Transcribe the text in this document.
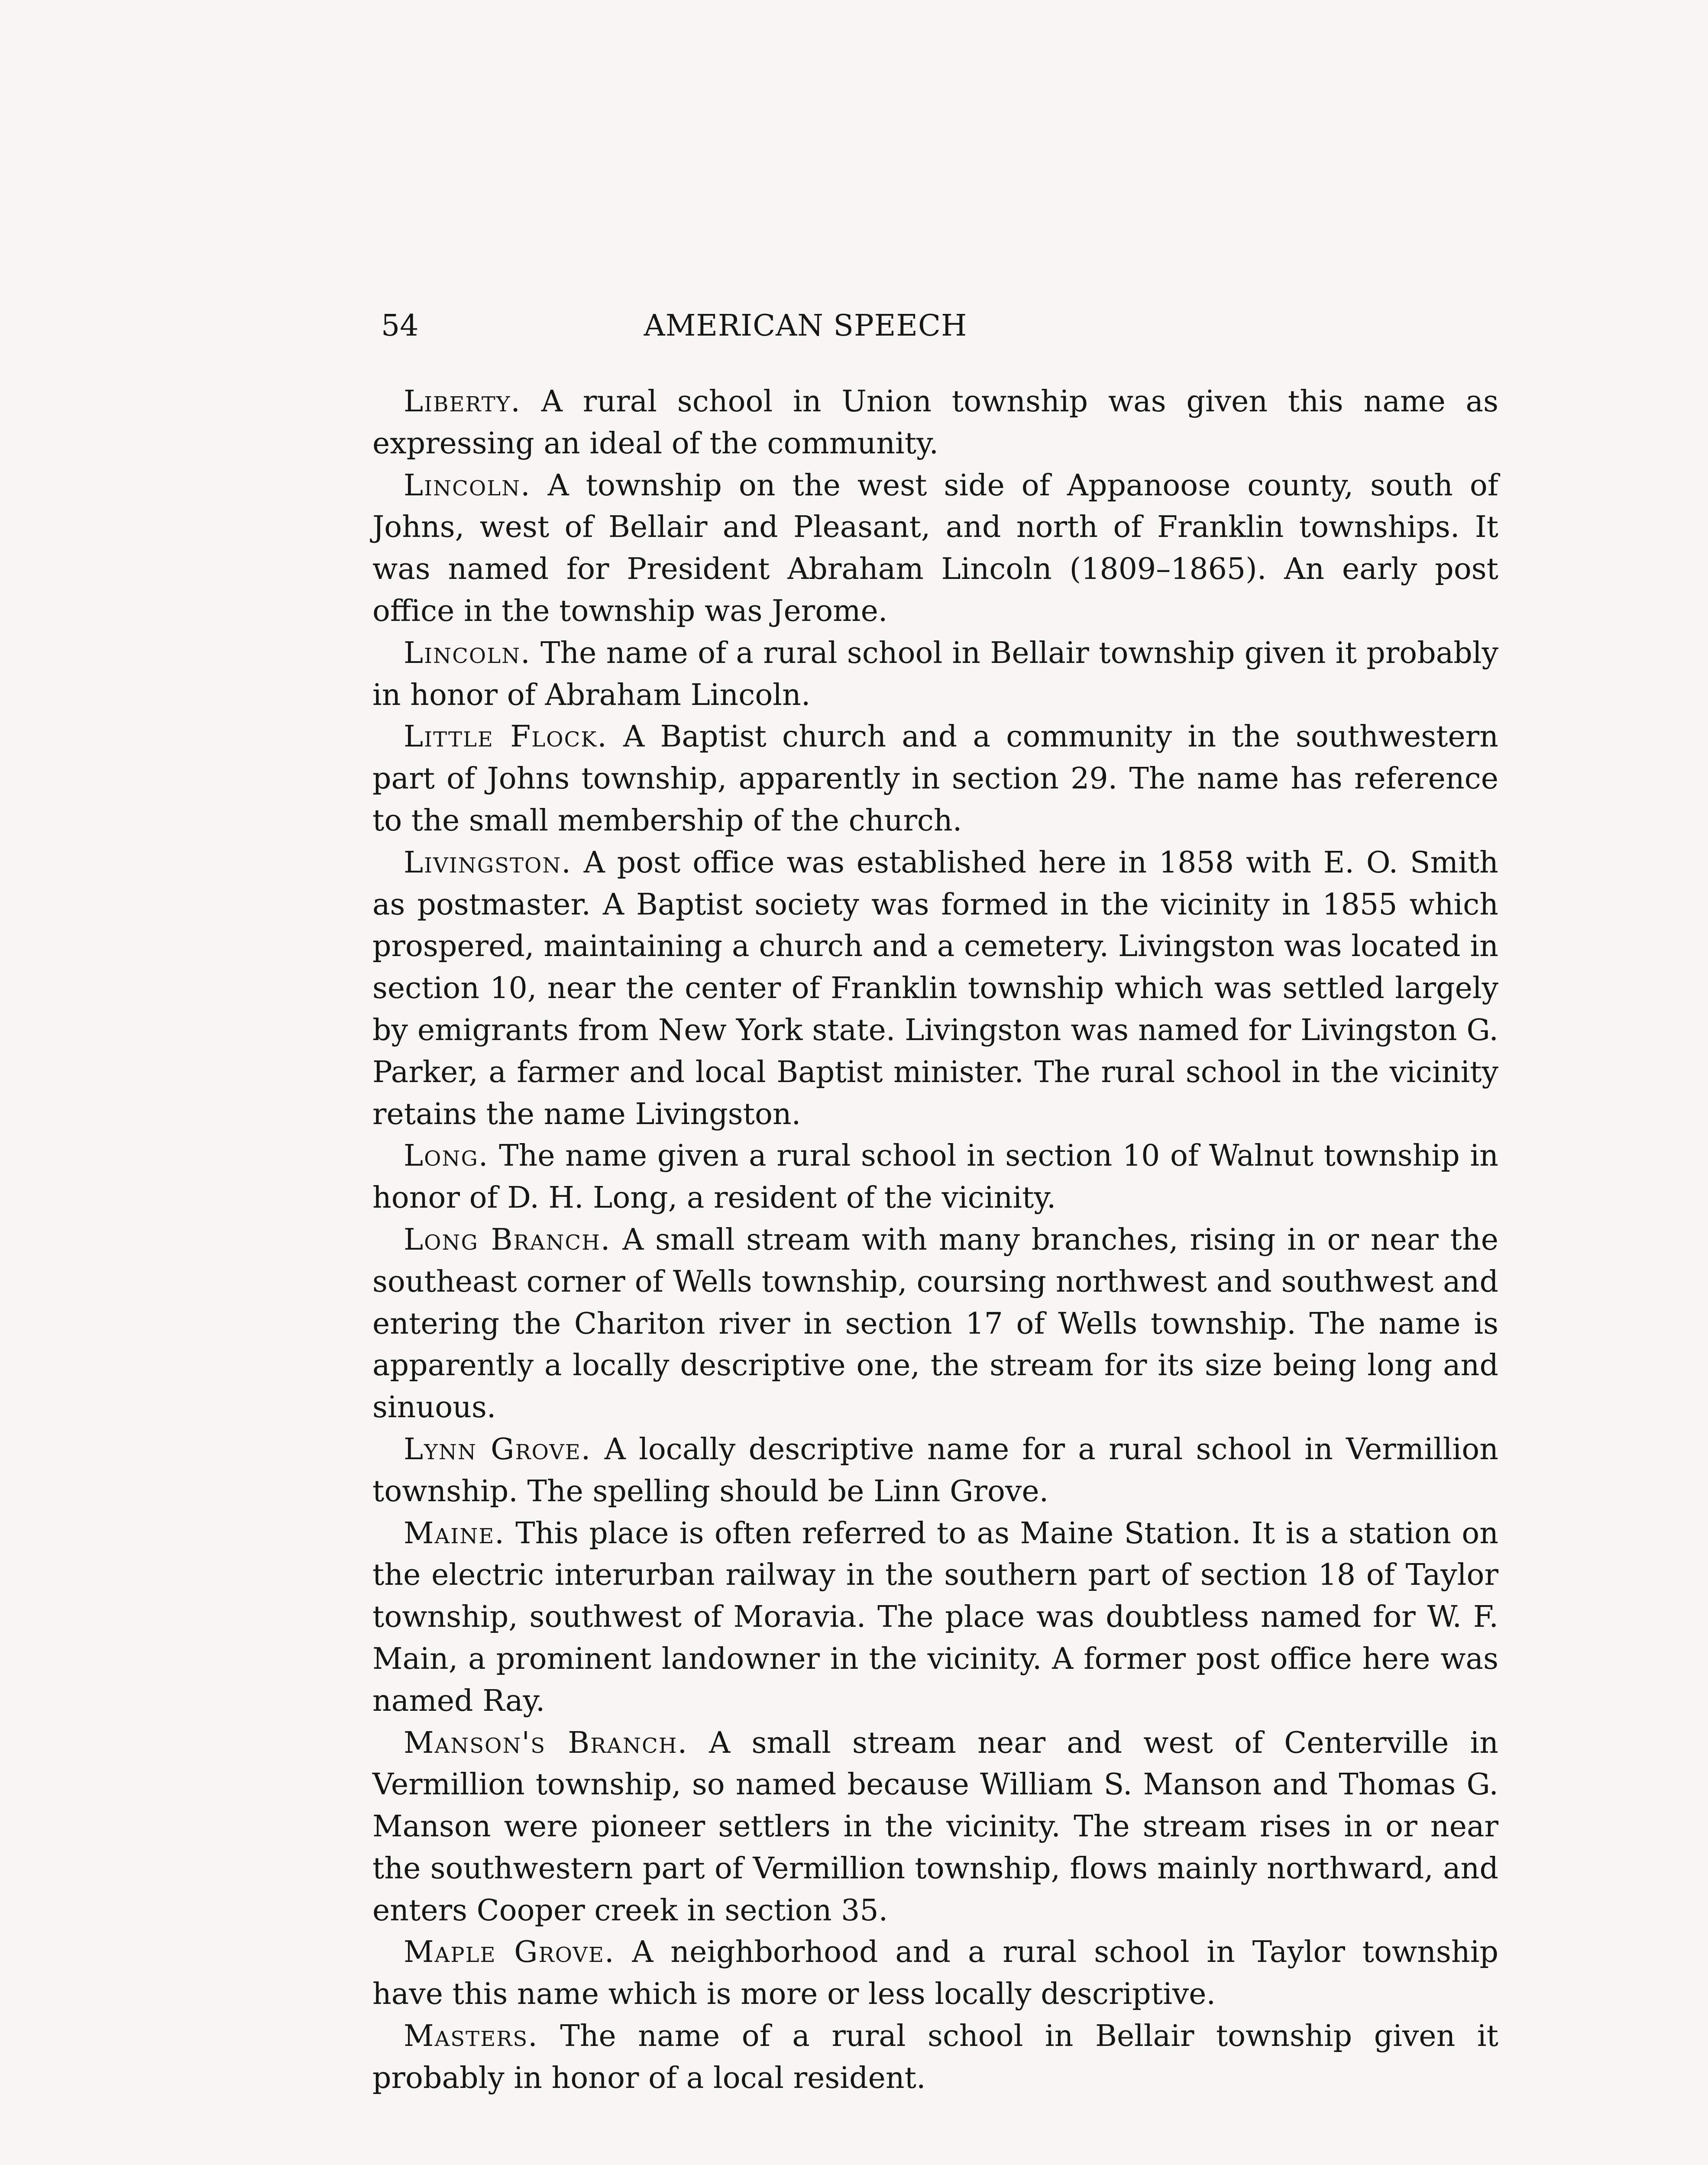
54	AMERICAN SPEECH

Liberty. A rural school in Union township was given this name as expressing an ideal of the community.

Lincoln. A township on the west side of Appanoose county, south of Johns, west of Bellair and Pleasant, and north of Franklin townships. It was named for President Abraham Lincoln (1809–1865). An early post office in the township was Jerome.

Lincoln. The name of a rural school in Bellair township given it probably in honor of Abraham Lincoln.

Little Flock. A Baptist church and a community in the southwestern part of Johns township, apparently in section 29. The name has reference to the small membership of the church.

Livingston. A post office was established here in 1858 with E. O. Smith as postmaster. A Baptist society was formed in the vicinity in 1855 which prospered, maintaining a church and a cemetery. Livingston was located in section 10, near the center of Franklin township which was settled largely by emigrants from New York state. Livingston was named for Livingston G. Parker, a farmer and local Baptist minister. The rural school in the vicinity retains the name Livingston.

Long. The name given a rural school in section 10 of Walnut township in honor of D. H. Long, a resident of the vicinity.

Long Branch. A small stream with many branches, rising in or near the southeast corner of Wells township, coursing northwest and southwest and entering the Chariton river in section 17 of Wells township. The name is apparently a locally descriptive one, the stream for its size being long and sinuous.

Lynn Grove. A locally descriptive name for a rural school in Vermillion township. The spelling should be Linn Grove.

Maine. This place is often referred to as Maine Station. It is a station on the electric interurban railway in the southern part of section 18 of Taylor township, southwest of Moravia. The place was doubtless named for W. F. Main, a prominent landowner in the vicinity. A former post office here was named Ray.

Manson's Branch. A small stream near and west of Centerville in Vermillion township, so named because William S. Manson and Thomas G. Manson were pioneer settlers in the vicinity. The stream rises in or near the southwestern part of Vermillion township, flows mainly northward, and enters Cooper creek in section 35.

Maple Grove. A neighborhood and a rural school in Taylor township have this name which is more or less locally descriptive.

Masters. The name of a rural school in Bellair township given it probably in honor of a local resident.
